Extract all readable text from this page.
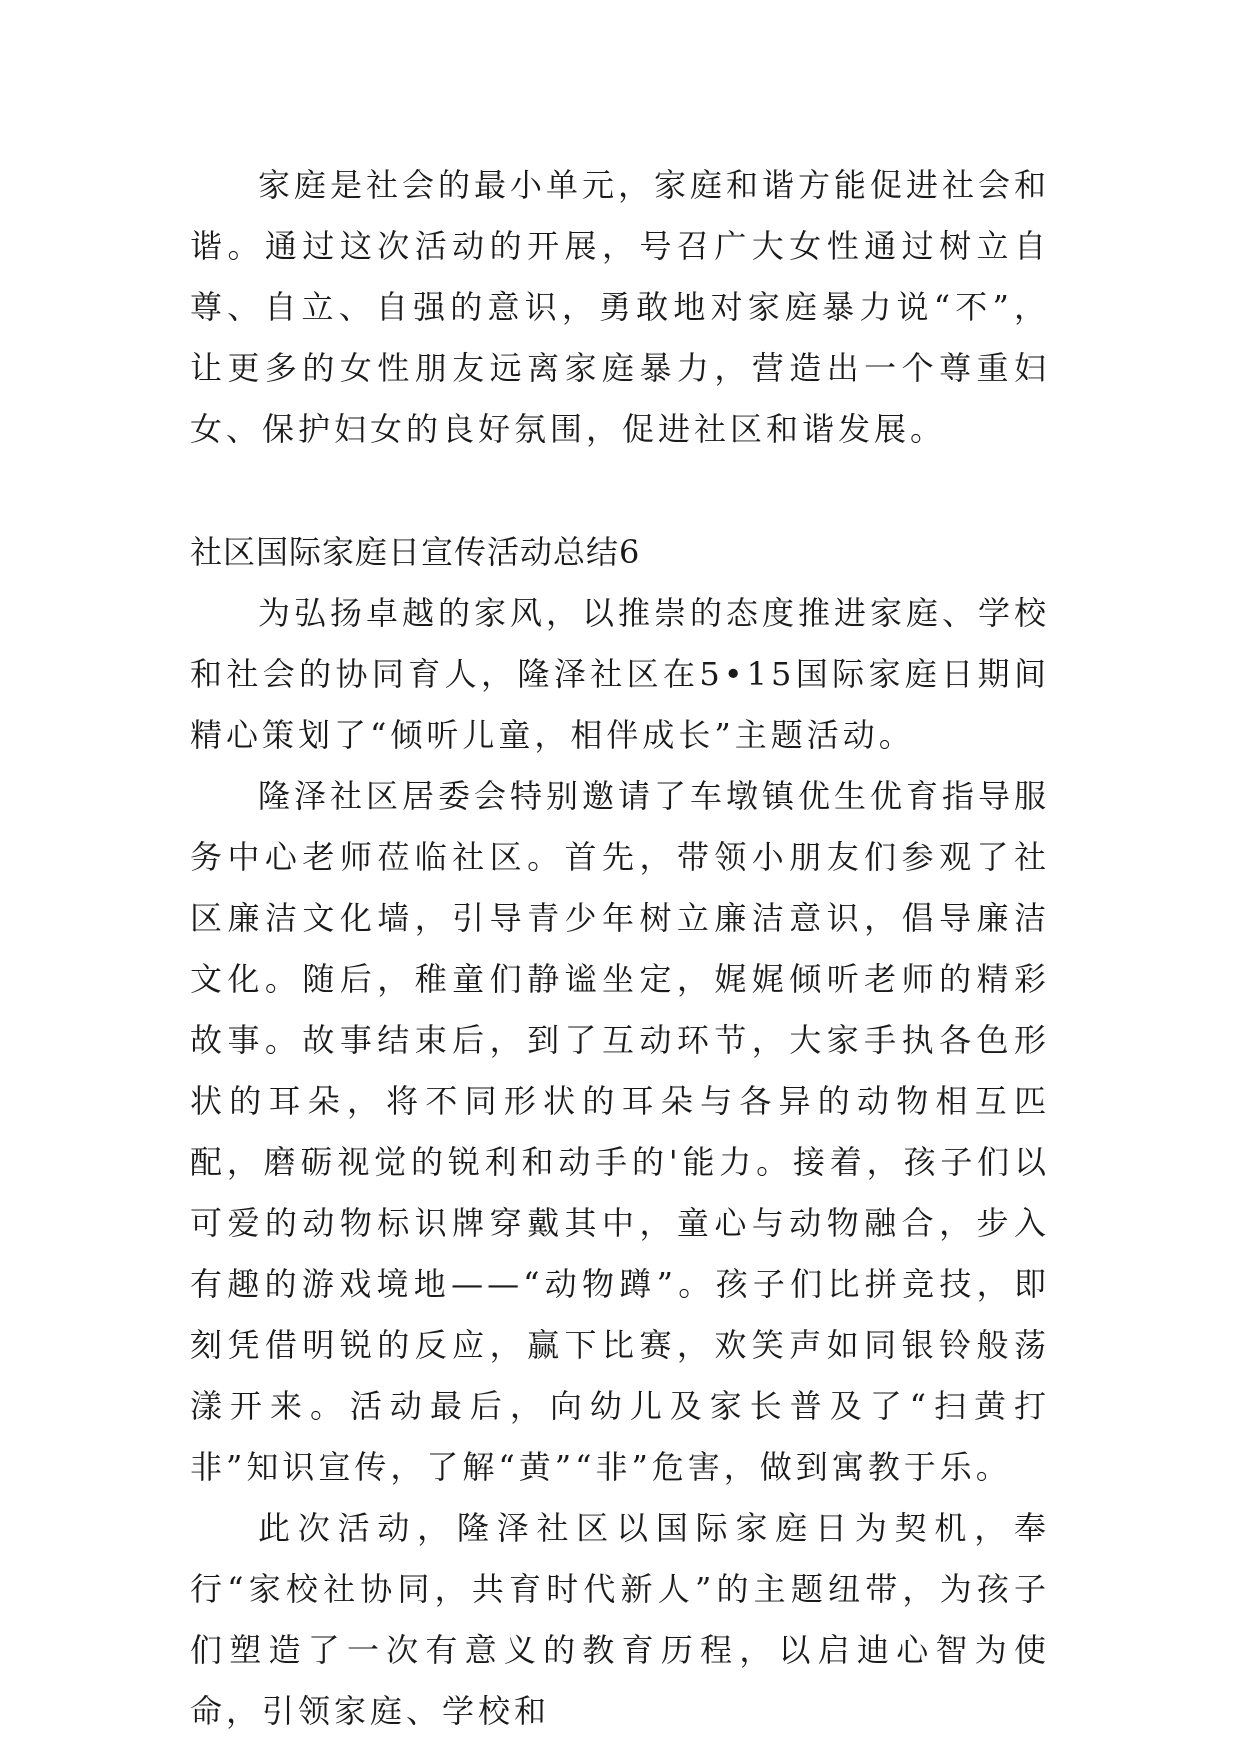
家庭是社会的最小单元，家庭和谐方能促进社会和谐。通过这次活动的开展，号召广大女性通过树立自尊、自立、自强的意识，勇敢地对家庭暴力说“不”，让更多的女性朋友远离家庭暴力，营造出一个尊重妇女、保护妇女的良好氛围，促进社区和谐发展。

社区国际家庭日宣传活动总结6

为弘扬卓越的家风，以推崇的态度推进家庭、学校和社会的协同育人，隆泽社区在5•15国际家庭日期间精心策划了“倾听儿童，相伴成长”主题活动。

隆泽社区居委会特别邀请了车墩镇优生优育指导服务中心老师莅临社区。首先，带领小朋友们参观了社区廉洁文化墙，引导青少年树立廉洁意识，倡导廉洁文化。随后，稚童们静谧坐定，娓娓倾听老师的精彩故事。故事结束后，到了互动环节，大家手执各色形状的耳朵，将不同形状的耳朵与各异的动物相互匹配，磨砺视觉的锐利和动手的'能力。接着，孩子们以可爱的动物标识牌穿戴其中，童心与动物融合，步入有趣的游戏境地——“动物蹲”。孩子们比拼竞技，即刻凭借明锐的反应，赢下比赛，欢笑声如同银铃般荡漾开来。活动最后，向幼儿及家长普及了“扫黄打非”知识宣传，了解“黄”“非”危害，做到寓教于乐。

此次活动，隆泽社区以国际家庭日为契机，奉行“家校社协同，共育时代新人”的主题纽带，为孩子们塑造了一次有意义的教育历程，以启迪心智为使命，引领家庭、学校和
